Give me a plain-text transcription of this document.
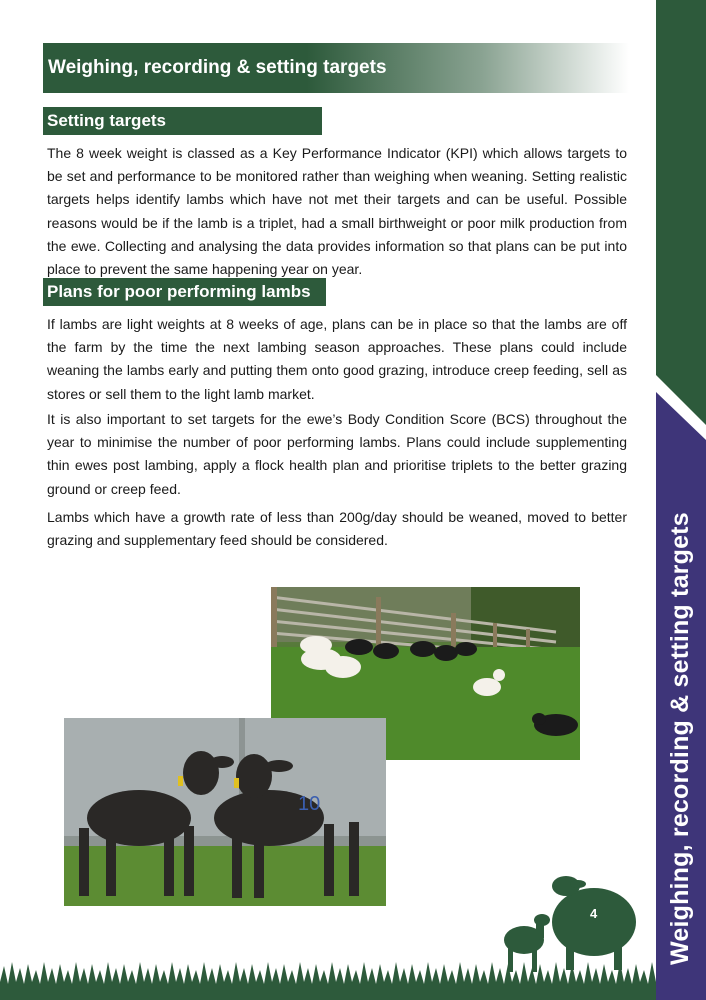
Weighing, recording & setting targets
Weighing, recording & setting targets
Setting targets

The 8 week weight is classed as a Key Performance Indicator (KPI) which allows targets to be set and performance to be monitored rather than weighing when weaning. Setting realistic targets helps identify lambs which have not met their targets and can be useful. Possible reasons would be if the lamb is a triplet, had a small birthweight or poor milk production from the ewe. Collecting and analysing the data provides information so that plans can be put into place to prevent the same happening year on year.

Plans for poor performing lambs

If lambs are light weights at 8 weeks of age, plans can be in place so that the lambs are off the farm by the time the next lambing season approaches. These plans could include weaning the lambs early and putting them onto good grazing, introduce creep feeding, sell as stores or sell them to the light lamb market.

It is also important to set targets for the ewe’s Body Condition Score (BCS) throughout the year to minimise the number of poor performing lambs. Plans could include supplementing thin ewes post lambing, apply a flock health plan and prioritise triplets to the better grazing ground or creep feed.

Lambs which have a growth rate of less than 200g/day should be weaned, moved to better grazing and supplementary feed should be considered.

10
4
